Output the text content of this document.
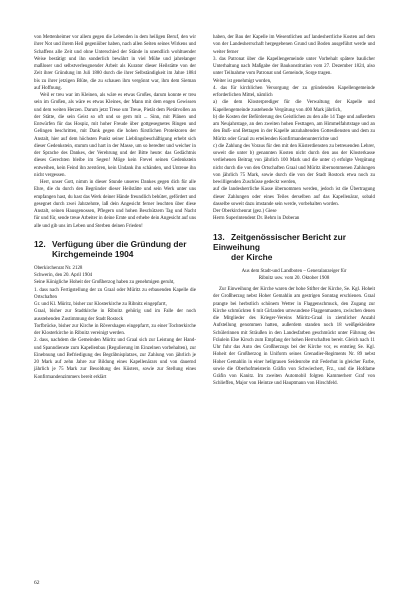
von Mettenheimer vor allem gegen die Lebenden in dem heiligen Beruf, den wir ihrer Not und ihrem Heil gegeniüber haben, nach allen Seiten seines Wirkens und Schaffens alle Zeit und ohne Unterschied der Stände in unendlich wohltuender Weise bestätigt und ihn sonderlich bewährt in viel Mühe und jahrelanger maßloser und selbstverleugnender Arbeit als Kurator dieser Heilstätte von der Zeit ihrer Gründung im Juli 1880 durch die ihrer Selbständigkeit im Jahre 1884 bis zu ihrer jetzigen Blüte, die zu schauen ihm vergönnt war, ihm dem Sieman auf Hoffnung.

Weil er treu war im Kleinen, als wäre es etwas Großes, darum konnte er treu sein im Großen, als wäre es etwas Kleines, der Mann mit dem engen Gewissen und dem weiten Herzen. Darum jetzt Treue um Treue, Pietät dem Pietätvollen an der Stätte, die sein Geist so oft und so gern mit ... Sinn, mit Plänen und Entwürfen für das Hospiz, mit hoher Freude über gottgesegnetes Ringen und Gelingen beschritten, mit Dank gegen die hohen fürstlichen Protektoren der Anstalt, hier auf dem höchsten Punkt seiner Lieblingsbeschäftigung erhebt sich dieser Gedenkstein, stumm und hart in der Masse, um so beredter und weicher in der Sprache des Dankes, der Verehrung und der Bitte heute: das Gedächtnis dieses Gerechten bleibe im Segen! Möge kein Frevel seinen Gedenkstein entweihen, kein Feind ihn zerstören, kein Undank ihn schänden, und Untreue ihn nicht vergessen.

Herr, unser Gott, nimm in dieser Stunde unseres Dankes gegen dich für alle Ehre, die du durch den Begründer dieser Heilstätte und sein Werk unter uns empfangen hast, du hast das Werk deiner Hände freundlich behütet, gefördert und gesegnet durch zwei Jahrzehnte, laß dein Angesicht ferner leuchten über diese Anstalt, seinen Hausgenossen, Pflegern und hohen Beschützern Tag und Nacht für und für, sende treue Arbeiter in deine Ernte und erhebe dein Angesicht auf uns alle und gib uns im Leben und Sterben deinen Frieden!

12. Verfügung über die Gründung der
Kirchgemeinde 1904

Oberkirchenrat Nr. 2128

Schwerin, den 20. April 1904

Seine Königliche Hoheit der Großherzog haben zu genehmigen geruht,

1. dass nach Fertigstellung der zu Graal oder Müritz zu erbauenden Kapelle die Ortschaften

Gr. und Kl. Müritz, bisher zur Klosterkirche zu Ribnitz eingepfarrt,

Graal, bisher zur Stadtkirche in Ribnitz gehörig und im Falle der noch ausstehenden Zustimmung der Stadt Rostock

Torfbrücke, bisher zur Kirche in Rövershagen eingepfarrt, zu einer Tochterkirche der Klosterkirche in Ribnitz vereinigt werden.

2. dass, nachdem die Gemeinden Müritz und Graal sich zur Leistung der Hand- und Spanndienste zum Kapellenbau (Regulierung im Einzelnen vorbehalten), zur Einebnung und Befriedigung des Begräbnisplatzes, zur Zahlung von jährlich je 20 Mark auf zehn Jahre zur Bildung eines Kapellenärars und von dauernd jährlich je 75 Mark zur Besoldung des Küsters, sowie zur Stellung eines Konfirmandenzimmers bereit erklärt

haben, der Bau der Kapelle im Wesentlichen auf landesherrliche Kosten auf dem von der Landesherrschaft hergegebenen Grund und Boden ausgeführt werde und weiter ferner

3. das Patronat über die Kapellengemeinde unter Vorbehalt spätere baulicher Unterhaltung nach Maßgabe der Baukonstitution vom 27. Dezember 1824, also unter Teilnahme vom Patronat und Gemeinde, Sorge tragen.

Weiter ist genehmigt worden,

4. das für kirchlichen Versorgung der zu gründenden Kapellengemeinde erforderlichen Mittel, nämlich

a) die dem Klosterprediger für die Verwaltung der Kapelle und Kapellengemeinde zustehende Vergütung von 400 Mark jährlich,

b) die Kosten der Beförderung des Geistlichen zu den alle 14 Tage und außerdem am Neujahrstage, an den zweiten hohen Festtagen, am Himmelfahrtstage und an den Buß- und Bettagen in der Kapelle anzuhaltenden Gottesdiensten und dem zu Müritz oder Graal zu erteilenden Konfirmandenunterrichte und

c) die Zahlung des Voraus für den mit den Küsterdiensten zu betreuenden Lehrer, soweit die unter b) genannten Kosten nicht durch den aus der Klosterkasse verliehenen Beitrag von jährlich 100 Mark und die unter c) erfolgte Vergütung nicht durch die von den Ortschaften Graal und Müritz übernommenen Zahlungen von jährlich 75 Mark, sowie durch die von der Stadt Rostock etwa noch zu bewilligenden Zuschüsse gedeckt werden,

auf die landesherrliche Kasse übernommen werden, jedoch ist die Übertragung dieser Zahlungen oder eines Teiles derselben auf das Kapellenärar, sobald dasselbe soweit dazu imstande sein werde, vorbehalten worden.

Der Oberkirchenrat (gez.) Giese

Herrn Superintendent Dr. Behm in Doberan

13. Zeitgenössischer Bericht zur Einweihung
der Kirche

Aus dem Stadt-und Landboten – Generalanzeiger für

Ribnitz usw. vom 20. Oktober 1908

Zur Einweihung der Kirche waren der hohe Stifter der Kirche, Se. Kgl. Hoheit der Großherzog nebst Hoher Gemahlin am gestrigen Sonntag erschienen. Graal prangte bei herbstlich schönem Wetter in Flaggenschmuck, den Zugang zur Kirche schmückten 6 mit Girlanden umwundene Flaggenmasten, zwischen denen die Mitglieder des Krieger-Vereins Müritz-Graal in ziemlicher Anzahl Aufstellung genommen hatten, außerdem standen noch 18 weißgekleidete Schülerinnen mit Sträußen in den Landesfarben geschmückt unter Führung des Fräulein Else Kirsch zum Empfang der hohen Herrschaften bereit. Gleich nach 11 Uhr fuhr das Auto des Großherzogs bei der Kirche vor, es entstieg Se. Kgl. Hoheit der Großherzog in Uniform seines Grenadier-Regiments Nr. 89 nebst Hoher Gemahlin in einer hellgrauen Seidenrobe mit Federhut in gleicher Farbe, sowie die Oberhofmeisterin Gräfin von Schwiechert, Frz., und die Hofdame Gräfin von Kanitz. Im zweiten Automobil folgten Kammerherr Graf von Schlieffen, Major von Heintze und Hauptmann von Hirschfeld.

62
